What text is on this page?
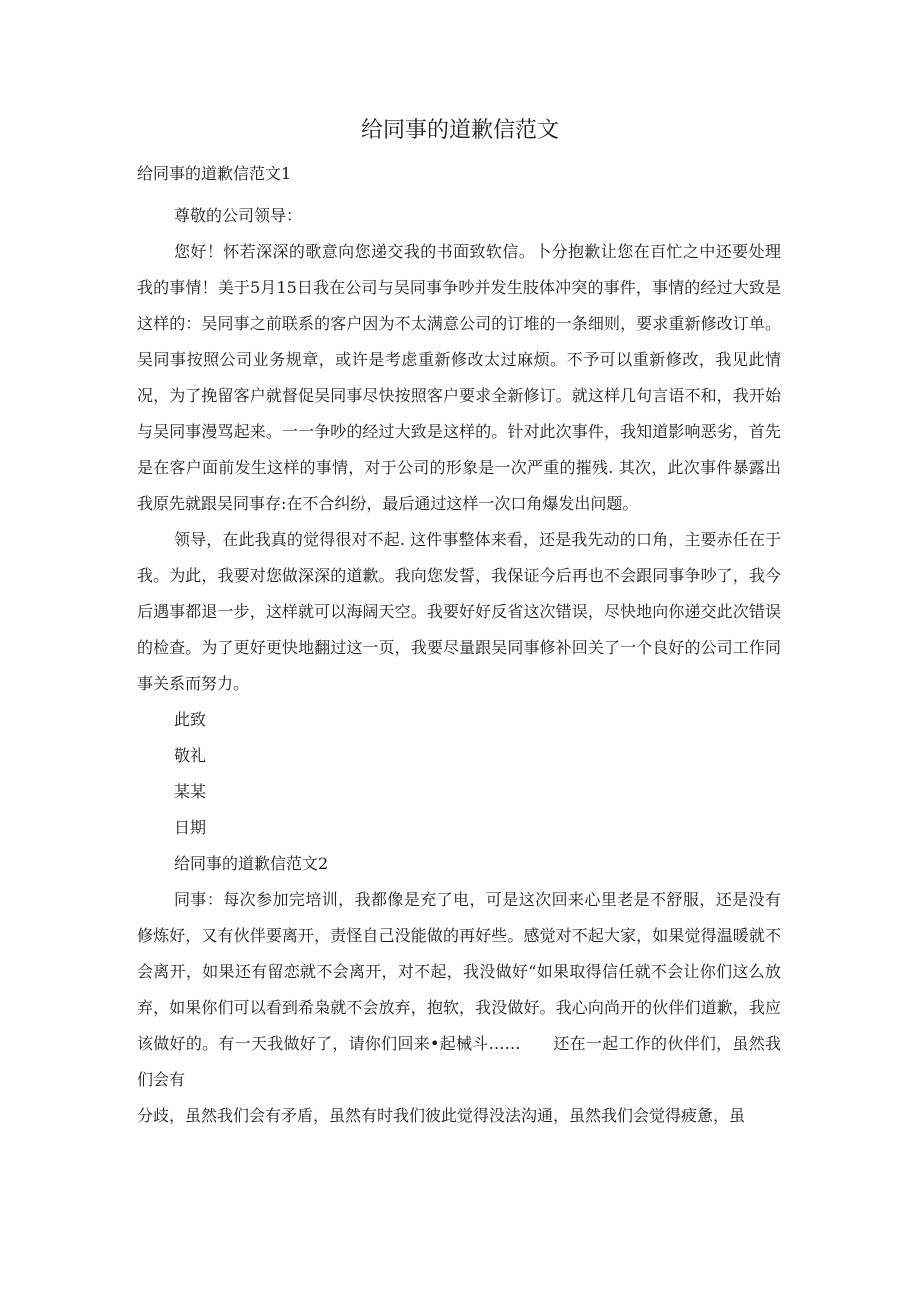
给同事的道歉信范文
给同事的道歉信范文1

尊敬的公司领导：

您好！怀若深深的歌意向您递交我的书面致软信。卜分抱歉让您在百忙之中还要处理我的事情！美于5月15日我在公司与吴同事争吵并发生肢体冲突的事件，事情的经过大致是这样的：吴同事之前联系的客户因为不太满意公司的订堆的一条细则，要求重新修改订单。吴同事按照公司业务规章，或许是考虑重新修改太过麻烦。不予可以重新修改，我见此情况，为了挽留客户就督促吴同事尽快按照客户要求全新修订。就这样几句言语不和，我开始与吴同事漫骂起来。一一争吵的经过大致是这样的。针对此次事件，我知道影响恶劣，首先是在客户面前发生这样的事情，对于公司的形象是一次严重的摧残. 其次，此次事件暴露出我原先就跟吴同事存:在不合纠纷，最后通过这样一次口角爆发出问题。

领导，在此我真的觉得很对不起. 这件事整体来看，还是我先动的口角，主要赤任在于我。为此，我要对您做深深的道歉。我向您发誓，我保证今后再也不会跟同事争吵了，我今后遇事都退一步，这样就可以海阔天空。我要好好反省这次错误，尽快地向你递交此次错误的检查。为了更好更快地翻过这一页，我要尽量跟吴同事修补回关了一个良好的公司工作同事关系而努力。

此致

敬礼

某某

日期

给同事的道歉信范文2

同事：每次参加完培训，我都像是充了电，可是这次回来心里老是不舒服，还是没有修炼好，又有伙伴要离开，责怪自己没能做的再好些。感觉对不起大家，如果觉得温暖就不会离开，如果还有留恋就不会离开，对不起，我没做好“如果取得信任就不会让你们这么放弃，如果你们可以看到希枭就不会放弃，抱软，我没做好。我心向尚开的伙伴们道歉，我应该做好的。有一天我做好了，请你们回来•起械斗……　　还在一起工作的伙伴们，虽然我们会有

分歧，虽然我们会有矛盾，虽然有时我们彼此觉得没法沟通，虽然我们会觉得疲惫，虽
